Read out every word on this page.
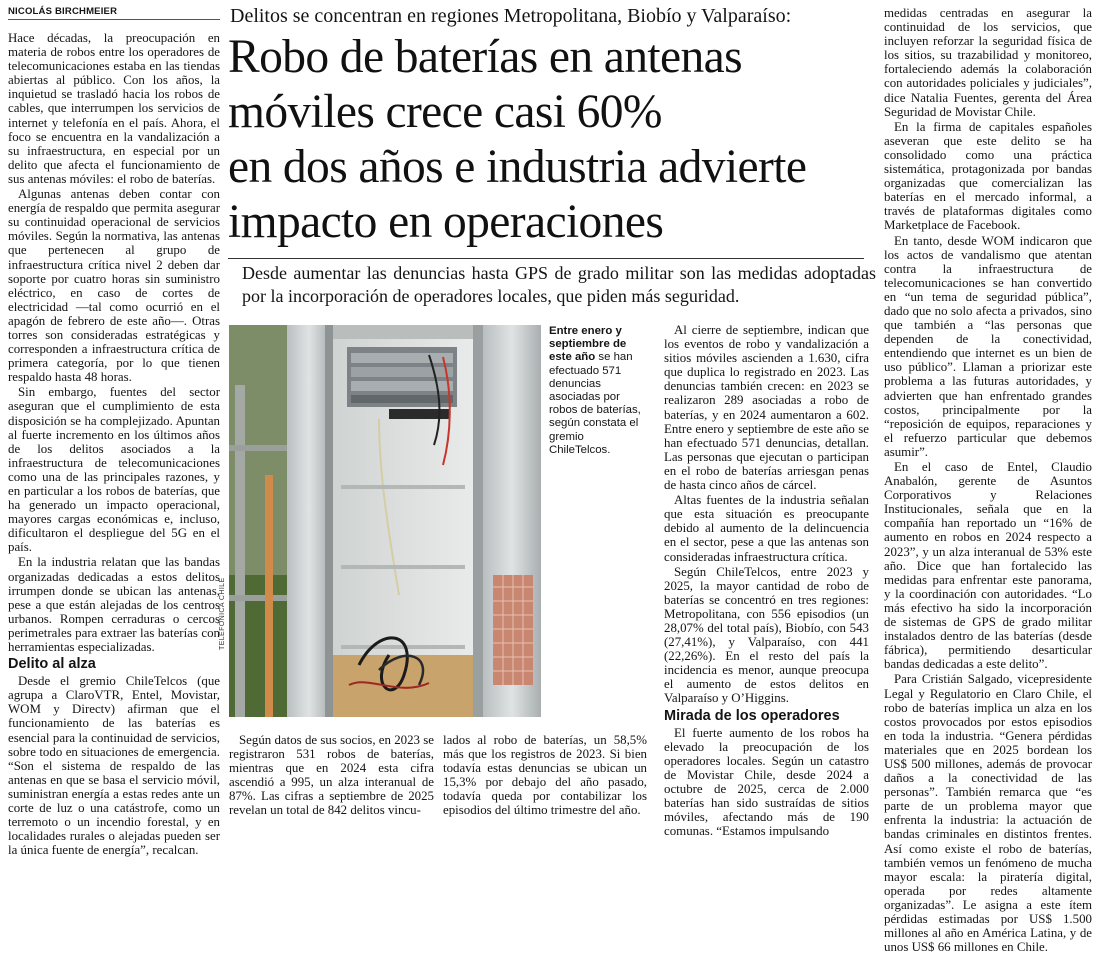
NICOLÁS BIRCHMEIER

Hace décadas, la preocupación en materia de robos entre los operadores de telecomunicaciones estaba en las tiendas abiertas al público. Con los años, la inquietud se trasladó hacia los robos de cables, que interrumpen los servicios de internet y telefonía en el país. Ahora, el foco se encuentra en la vandalización a su infraestructura, en especial por un delito que afecta el funcionamiento de sus antenas móviles: el robo de baterías.

Algunas antenas deben contar con energía de respaldo que permita asegurar su continuidad operacional de servicios móviles. Según la normativa, las antenas que pertenecen al grupo de infraestructura crítica nivel 2 deben dar soporte por cuatro horas sin suministro eléctrico, en caso de cortes de electricidad —tal como ocurrió en el apagón de febrero de este año—. Otras torres son consideradas estratégicas y corresponden a infraestructura crítica de primera categoría, por lo que tienen respaldo hasta 48 horas.

Sin embargo, fuentes del sector aseguran que el cumplimiento de esta disposición se ha complejizado. Apuntan al fuerte incremento en los últimos años de los delitos asociados a la infraestructura de telecomunicaciones como una de las principales razones, y en particular a los robos de baterías, que ha generado un impacto operacional, mayores cargas económicas e, incluso, dificultaron el despliegue del 5G en el país.

En la industria relatan que las bandas organizadas dedicadas a estos delitos irrumpen donde se ubican las antenas, pese a que están alejadas de los centros urbanos. Rompen cerraduras o cercos perimetrales para extraer las baterías con herramientas especializadas.

Delito al alza

Desde el gremio ChileTelcos (que agrupa a ClaroVTR, Entel, Movistar, WOM y Directv) afirman que el funcionamiento de las baterías es esencial para la continuidad de servicios, sobre todo en situaciones de emergencia. “Son el sistema de respaldo de las antenas en que se basa el servicio móvil, suministran energía a estas redes ante un corte de luz o una catástrofe, como un terremoto o un incendio forestal, y en localidades rurales o alejadas pueden ser la única fuente de energía”, recalcan.

Delitos se concentran en regiones Metropolitana, Biobío y Valparaíso:
Robo de baterías en antenas
móviles crece casi 60%
en dos años e industria advierte
impacto en operaciones
Desde aumentar las denuncias hasta GPS de grado militar son las medidas adoptadas por la incorporación de operadores locales, que piden más seguridad.
TELEFÓNICA CHILE
Entre enero y septiembre de este año se han efectuado 571 denuncias asociadas por robos de baterías, según constata el gremio ChileTelcos.

Según datos de sus socios, en 2023 se registraron 531 robos de baterías, mientras que en 2024 esta cifra ascendió a 995, un alza interanual de 87%. Las cifras a septiembre de 2025 revelan un total de 842 delitos vincu-

lados al robo de baterías, un 58,5% más que los registros de 2023. Si bien todavía estas denuncias se ubican un 15,3% por debajo del año pasado, todavía queda por contabilizar los episodios del último trimestre del año.

Al cierre de septiembre, indican que los eventos de robo y vandalización a sitios móviles ascienden a 1.630, cifra que duplica lo registrado en 2023. Las denuncias también crecen: en 2023 se realizaron 289 asociadas a robo de baterías, y en 2024 aumentaron a 602. Entre enero y septiembre de este año se han efectuado 571 denuncias, detallan. Las personas que ejecutan o participan en el robo de baterías arriesgan penas de hasta cinco años de cárcel.

Altas fuentes de la industria señalan que esta situación es preocupante debido al aumento de la delincuencia en el sector, pese a que las antenas son consideradas infraestructura crítica.

Según ChileTelcos, entre 2023 y 2025, la mayor cantidad de robo de baterías se concentró en tres regiones: Metropolitana, con 556 episodios (un 28,07% del total país), Biobío, con 543 (27,41%), y Valparaíso, con 441 (22,26%). En el resto del país la incidencia es menor, aunque preocupa el aumento de estos delitos en Valparaíso y O’Higgins.

Mirada de los operadores

El fuerte aumento de los robos ha elevado la preocupación de los operadores locales. Según un catastro de Movistar Chile, desde 2024 a octubre de 2025, cerca de 2.000 baterías han sido sustraídas de sitios móviles, afectando más de 190 comunas. “Estamos impulsando

medidas centradas en asegurar la continuidad de los servicios, que incluyen reforzar la seguridad física de los sitios, su trazabilidad y monitoreo, fortaleciendo además la colaboración con autoridades policiales y judiciales”, dice Natalia Fuentes, gerenta del Área Seguridad de Movistar Chile.

En la firma de capitales españoles aseveran que este delito se ha consolidado como una práctica sistemática, protagonizada por bandas organizadas que comercializan las baterías en el mercado informal, a través de plataformas digitales como Marketplace de Facebook.

En tanto, desde WOM indicaron que los actos de vandalismo que atentan contra la infraestructura de telecomunicaciones se han convertido en “un tema de seguridad pública”, dado que no solo afecta a privados, sino que también a “las personas que dependen de la conectividad, entendiendo que internet es un bien de uso público”. Llaman a priorizar este problema a las futuras autoridades, y advierten que han enfrentado grandes costos, principalmente por la “reposición de equipos, reparaciones y el refuerzo particular que debemos asumir”.

En el caso de Entel, Claudio Anabalón, gerente de Asuntos Corporativos y Relaciones Institucionales, señala que en la compañía han reportado un “16% de aumento en robos en 2024 respecto a 2023”, y un alza interanual de 53% este año. Dice que han fortalecido las medidas para enfrentar este panorama, y la coordinación con autoridades. “Lo más efectivo ha sido la incorporación de sistemas de GPS de grado militar instalados dentro de las baterías (desde fábrica), permitiendo desarticular bandas dedicadas a este delito”.

Para Cristián Salgado, vicepresidente Legal y Regulatorio en Claro Chile, el robo de baterías implica un alza en los costos provocados por estos episodios en toda la industria. “Genera pérdidas materiales que en 2025 bordean los US$ 500 millones, además de provocar daños a la conectividad de las personas”. También remarca que “es parte de un problema mayor que enfrenta la industria: la actuación de bandas criminales en distintos frentes. Así como existe el robo de baterías, también vemos un fenómeno de mucha mayor escala: la piratería digital, operada por redes altamente organizadas”. Le asigna a este ítem pérdidas estimadas por US$ 1.500 millones al año en América Latina, y de unos US$ 66 millones en Chile.
